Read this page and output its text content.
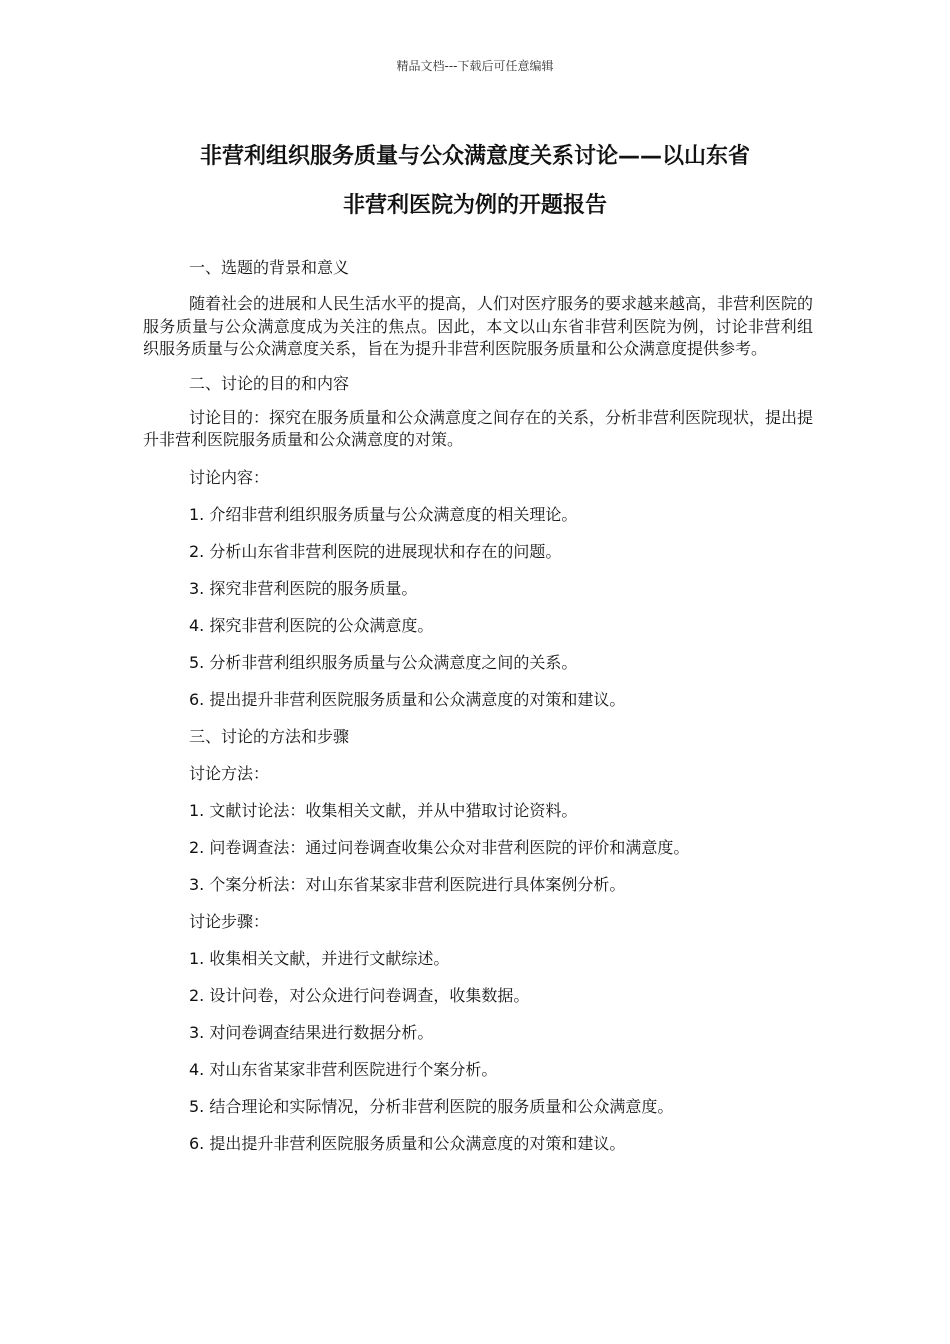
精品文档---下载后可任意编辑
非营利组织服务质量与公众满意度关系讨论——以山东省
非营利医院为例的开题报告

一、选题的背景和意义

随着社会的进展和人民生活水平的提高，人们对医疗服务的要求越来越高，非营利医院的服务质量与公众满意度成为关注的焦点。因此，本文以山东省非营利医院为例，讨论非营利组织服务质量与公众满意度关系，旨在为提升非营利医院服务质量和公众满意度提供参考。

二、讨论的目的和内容

讨论目的：探究在服务质量和公众满意度之间存在的关系，分析非营利医院现状，提出提升非营利医院服务质量和公众满意度的对策。

讨论内容：

1. 介绍非营利组织服务质量与公众满意度的相关理论。

2. 分析山东省非营利医院的进展现状和存在的问题。

3. 探究非营利医院的服务质量。

4. 探究非营利医院的公众满意度。

5. 分析非营利组织服务质量与公众满意度之间的关系。

6. 提出提升非营利医院服务质量和公众满意度的对策和建议。

三、讨论的方法和步骤

讨论方法：

1. 文献讨论法：收集相关文献，并从中猎取讨论资料。

2. 问卷调查法：通过问卷调查收集公众对非营利医院的评价和满意度。

3. 个案分析法：对山东省某家非营利医院进行具体案例分析。

讨论步骤：

1. 收集相关文献，并进行文献综述。

2. 设计问卷，对公众进行问卷调查，收集数据。

3. 对问卷调查结果进行数据分析。

4. 对山东省某家非营利医院进行个案分析。

5. 结合理论和实际情况，分析非营利医院的服务质量和公众满意度。

6. 提出提升非营利医院服务质量和公众满意度的对策和建议。
